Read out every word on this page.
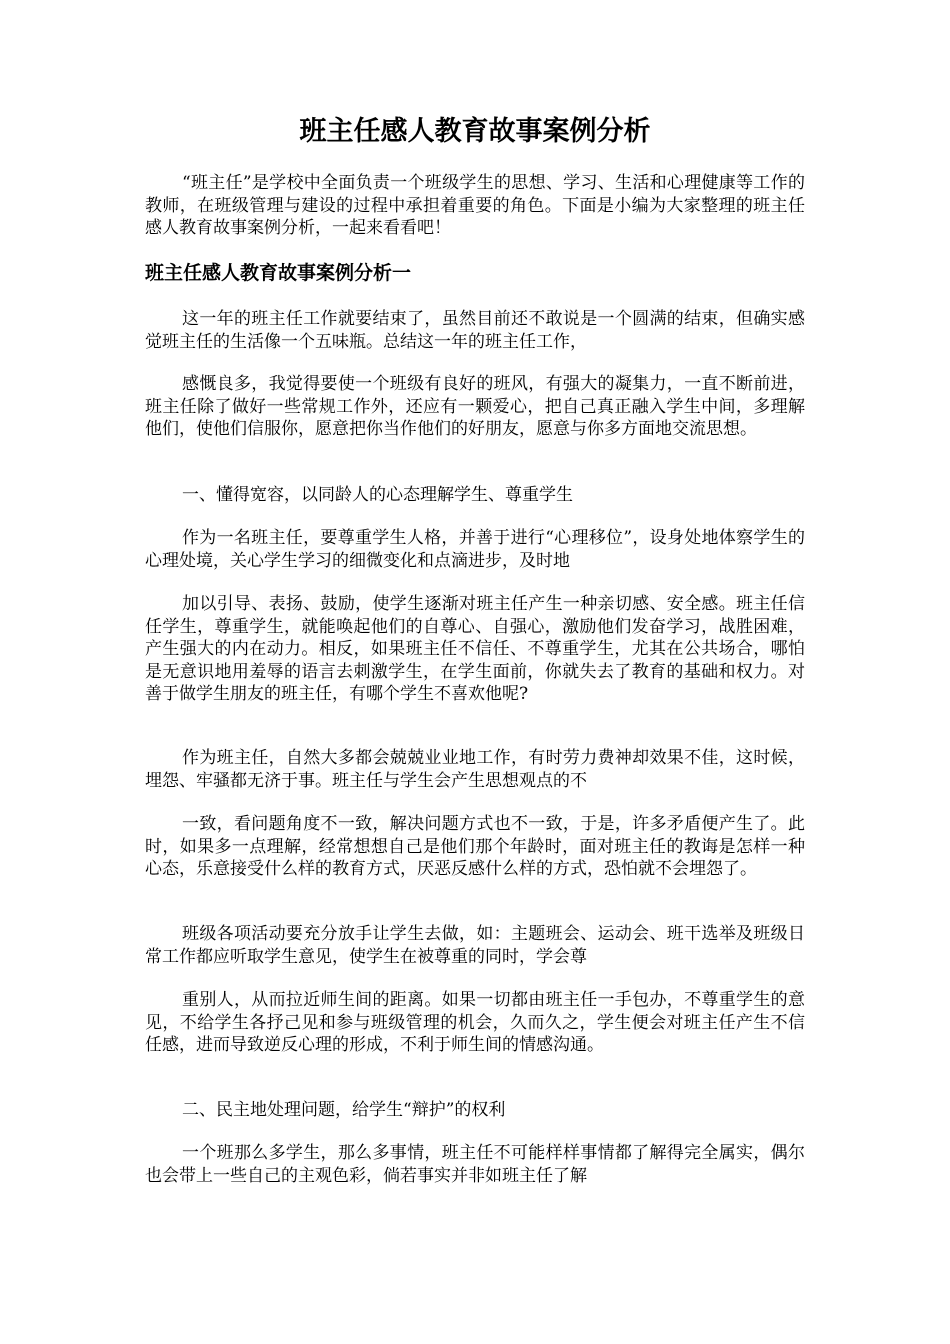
班主任感人教育故事案例分析

“班主任”是学校中全面负责一个班级学生的思想、学习、生活和心理健康等工作的教师，在班级管理与建设的过程中承担着重要的角色。下面是小编为大家整理的班主任感人教育故事案例分析，一起来看看吧！

班主任感人教育故事案例分析一

这一年的班主任工作就要结束了，虽然目前还不敢说是一个圆满的结束，但确实感觉班主任的生活像一个五味瓶。总结这一年的班主任工作，

感慨良多，我觉得要使一个班级有良好的班风，有强大的凝集力，一直不断前进，班主任除了做好一些常规工作外，还应有一颗爱心，把自己真正融入学生中间，多理解他们，使他们信服你，愿意把你当作他们的好朋友，愿意与你多方面地交流思想。

一、懂得宽容，以同龄人的心态理解学生、尊重学生

作为一名班主任，要尊重学生人格，并善于进行“心理移位”，设身处地体察学生的心理处境，关心学生学习的细微变化和点滴进步，及时地

加以引导、表扬、鼓励，使学生逐渐对班主任产生一种亲切感、安全感。班主任信任学生，尊重学生，就能唤起他们的自尊心、自强心，激励他们发奋学习，战胜困难，产生强大的内在动力。相反，如果班主任不信任、不尊重学生，尤其在公共场合，哪怕是无意识地用羞辱的语言去刺激学生，在学生面前，你就失去了教育的基础和权力。对善于做学生朋友的班主任，有哪个学生不喜欢他呢?

作为班主任，自然大多都会兢兢业业地工作，有时劳力费神却效果不佳，这时候，埋怨、牢骚都无济于事。班主任与学生会产生思想观点的不

一致，看问题角度不一致，解决问题方式也不一致，于是，许多矛盾便产生了。此时，如果多一点理解，经常想想自己是他们那个年龄时，面对班主任的教诲是怎样一种心态，乐意接受什么样的教育方式，厌恶反感什么样的方式，恐怕就不会埋怨了。

班级各项活动要充分放手让学生去做，如：主题班会、运动会、班干选举及班级日常工作都应听取学生意见，使学生在被尊重的同时，学会尊

重别人，从而拉近师生间的距离。如果一切都由班主任一手包办，不尊重学生的意见，不给学生各抒己见和参与班级管理的机会，久而久之，学生便会对班主任产生不信任感，进而导致逆反心理的形成，不利于师生间的情感沟通。

二、民主地处理问题，给学生“辩护”的权利

一个班那么多学生，那么多事情，班主任不可能样样事情都了解得完全属实，偶尔也会带上一些自己的主观色彩，倘若事实并非如班主任了解
